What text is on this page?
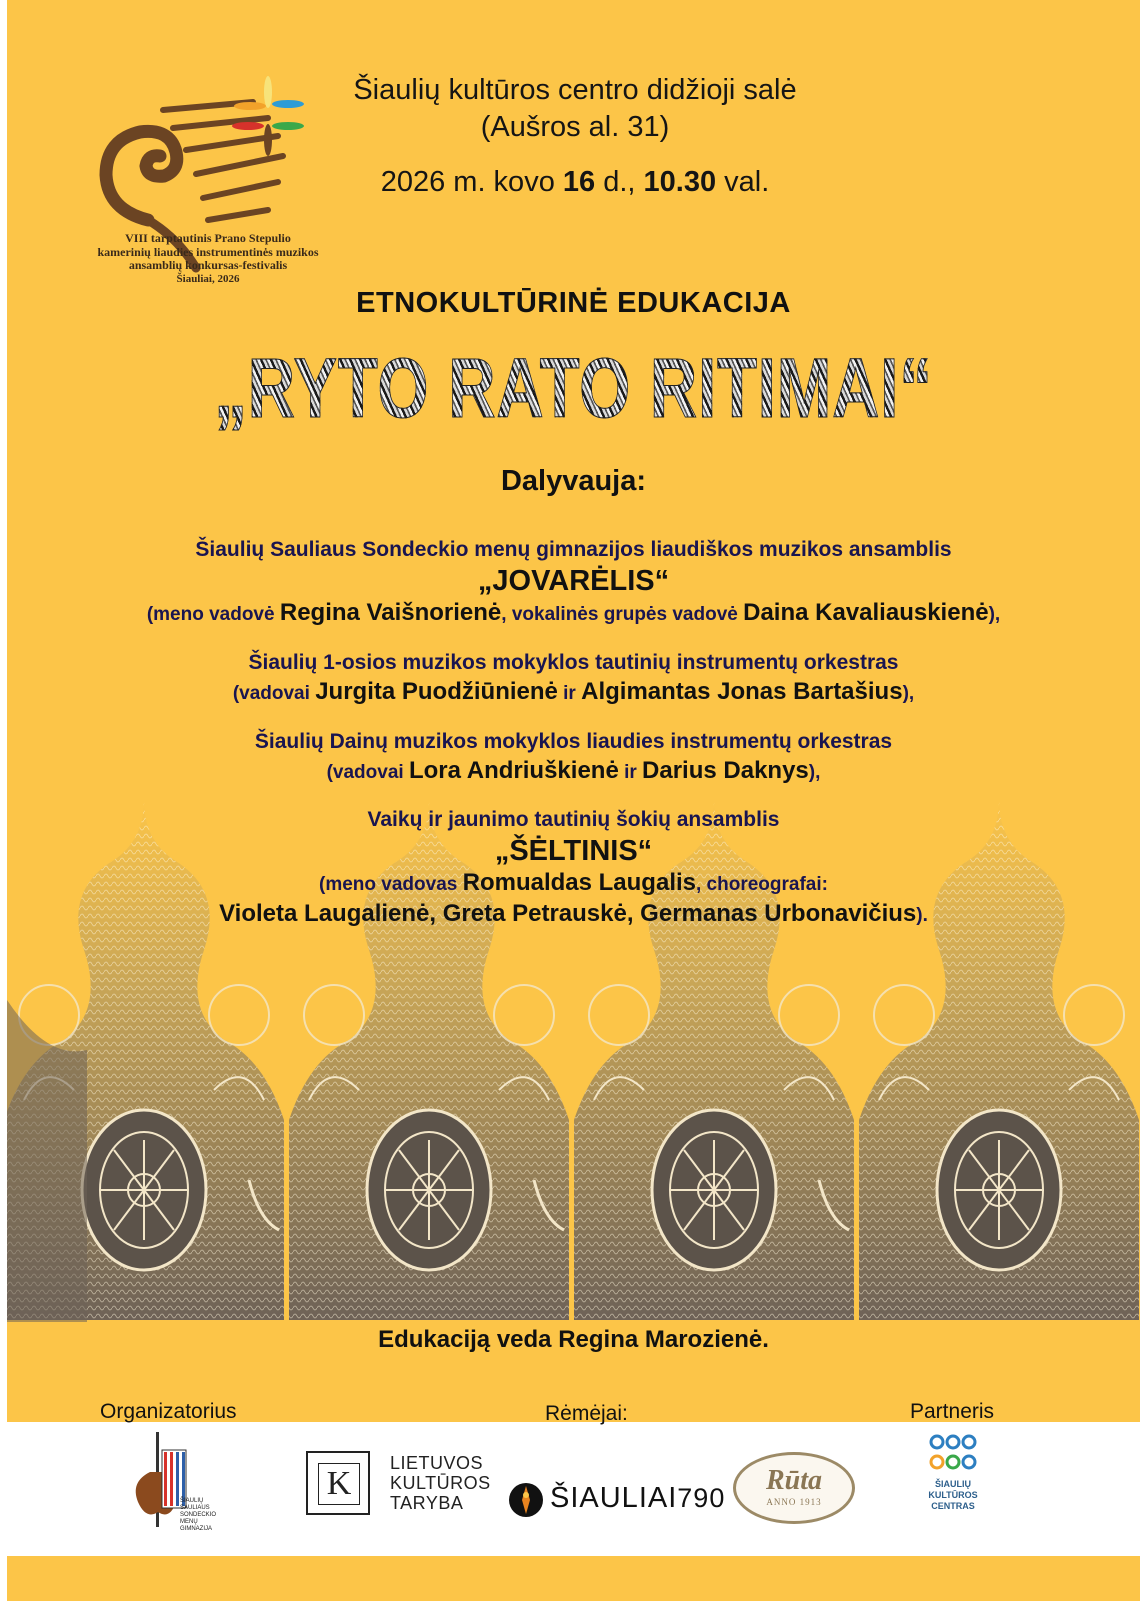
VIII tarptautinis Prano Stepulio
kamerinių liaudies instrumentinės muzikos
ansamblių konkursas-festivalis
Šiauliai, 2026
Šiaulių kultūros centro didžioji salė
(Aušros al. 31)
2026 m. kovo 16 d., 10.30 val.
ETNOKULTŪRINĖ EDUKACIJA
„RYTO RATO RITIMAI“
Dalyvauja:
Šiaulių Sauliaus Sondeckio menų gimnazijos liaudiškos muzikos ansamblis
„JOVARĖLIS“
(meno vadovė Regina Vaišnorienė, vokalinės grupės vadovė Daina Kavaliauskienė),
Šiaulių 1-osios muzikos mokyklos tautinių instrumentų orkestras
(vadovai Jurgita Puodžiūnienė ir Algimantas Jonas Bartašius),
Šiaulių Dainų muzikos mokyklos liaudies instrumentų orkestras
(vadovai Lora Andriuškienė ir Darius Daknys),
Vaikų ir jaunimo tautinių šokių ansamblis
„ŠĖLTINIS“
(meno vadovas Romualdas Laugalis, choreografai:
Violeta Laugalienė, Greta Petrauskė, Germanas Urbonavičius).
Edukaciją veda Regina Marozienė.
Organizatorius	Rėmėjai:	Partneris
ŠIAULIŲ SAULIAUS SONDECKIO MENŲ GIMNAZIJA
K
LIETUVOS
KULTŪROS
TARYBA	ŠIAULIAI790
Rūta
ANNO 1913
ŠIAULIŲ
KULTŪROS
CENTRAS
